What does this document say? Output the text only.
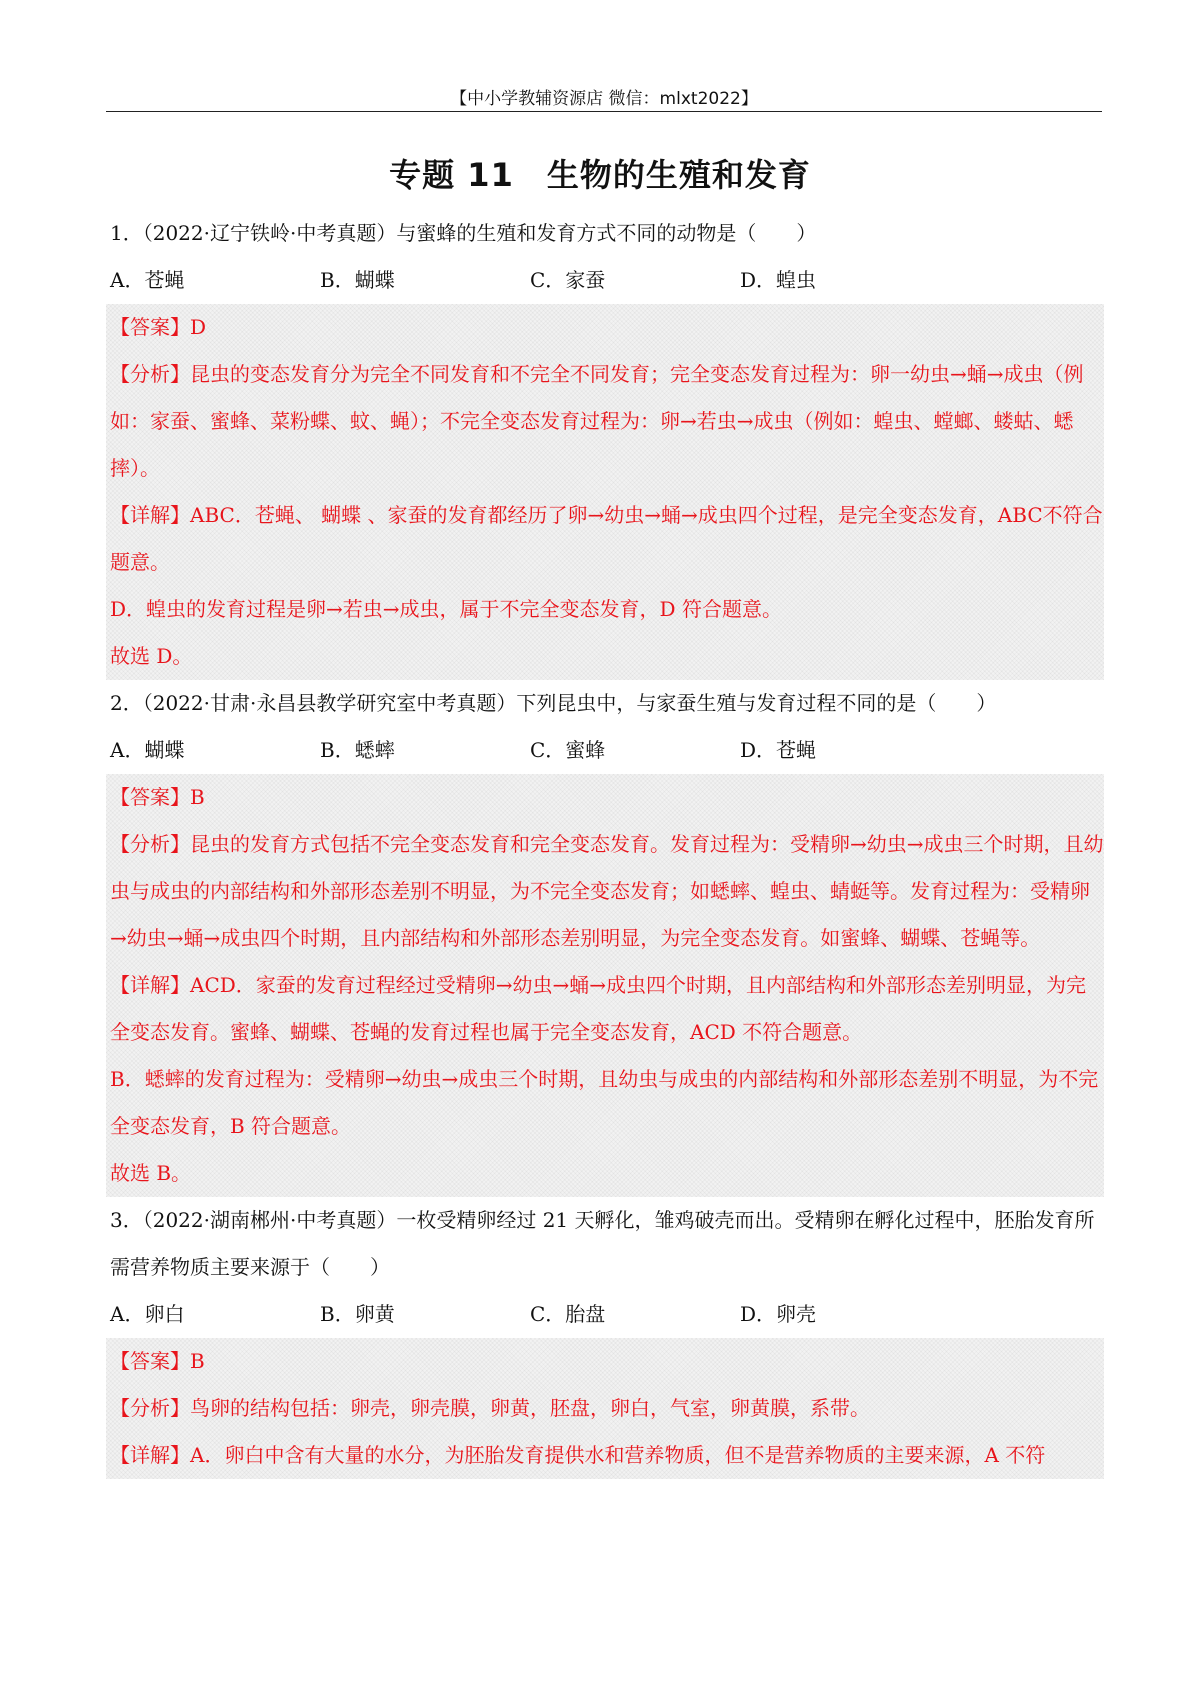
【中小学教辅资源店 微信：mlxt2022】
专题 11　生物的生殖和发育
1．（2022·辽宁铁岭·中考真题）与蜜蜂的生殖和发育方式不同的动物是（　　）
A．苍蝇	B．蝴蝶	C．家蚕	D．蝗虫

【答案】D

【分析】昆虫的变态发育分为完全不同发育和不完全不同发育；完全变态发育过程为：卵一幼虫→蛹→成虫（例如：家蚕、蜜蜂、菜粉蝶、蚊、蝇）；不完全变态发育过程为：卵→若虫→成虫（例如：蝗虫、螳螂、蝼蛄、蟋摔）。

【详解】ABC．苍蝇、 蝴蝶 、家蚕的发育都经历了卵→幼虫→蛹→成虫四个过程，是完全变态发育，ABC不符合题意。

D．蝗虫的发育过程是卵→若虫→成虫，属于不完全变态发育，D 符合题意。

故选 D。

2．（2022·甘肃·永昌县教学研究室中考真题）下列昆虫中，与家蚕生殖与发育过程不同的是（　　）
A．蝴蝶	B．蟋蟀	C．蜜蜂	D．苍蝇

【答案】B

【分析】昆虫的发育方式包括不完全变态发育和完全变态发育。发育过程为：受精卵→幼虫→成虫三个时期，且幼虫与成虫的内部结构和外部形态差别不明显，为不完全变态发育；如蟋蟀、蝗虫、蜻蜓等。发育过程为：受精卵→幼虫→蛹→成虫四个时期，且内部结构和外部形态差别明显，为完全变态发育。如蜜蜂、蝴蝶、苍蝇等。

【详解】ACD．家蚕的发育过程经过受精卵→幼虫→蛹→成虫四个时期，且内部结构和外部形态差别明显，为完全变态发育。蜜蜂、蝴蝶、苍蝇的发育过程也属于完全变态发育，ACD 不符合题意。

B．蟋蟀的发育过程为：受精卵→幼虫→成虫三个时期，且幼虫与成虫的内部结构和外部形态差别不明显，为不完全变态发育，B 符合题意。

故选 B。

3．（2022·湖南郴州·中考真题）一枚受精卵经过 21 天孵化，雏鸡破壳而出。受精卵在孵化过程中，胚胎发育所需营养物质主要来源于（　　）
A．卵白	B．卵黄	C．胎盘	D．卵壳

【答案】B

【分析】鸟卵的结构包括：卵壳，卵壳膜，卵黄，胚盘，卵白，气室，卵黄膜，系带。

【详解】A．卵白中含有大量的水分，为胚胎发育提供水和营养物质，但不是营养物质的主要来源，A 不符
